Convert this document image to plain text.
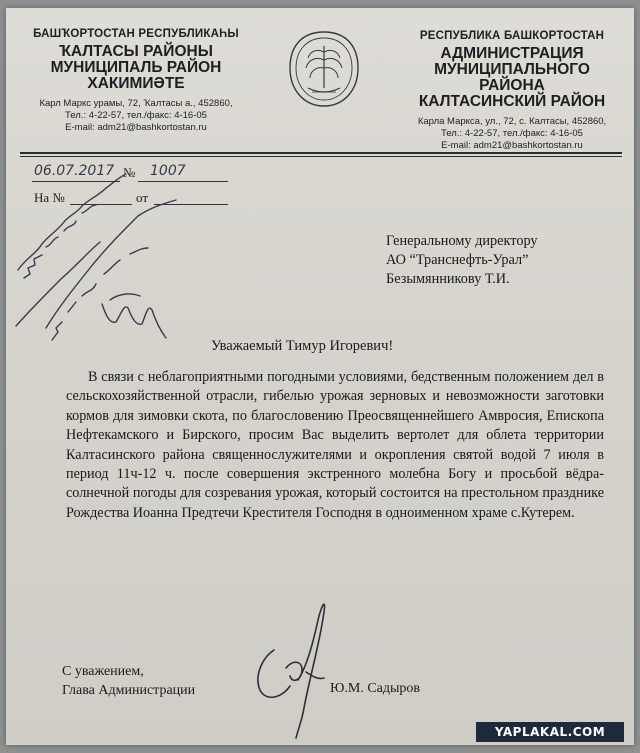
БАШҠОРТОСТАН РЕСПУБЛИКАҺЫ
ҠАЛТАСЫ РАЙОНЫ
МУНИЦИПАЛЬ РАЙОН
ХАКИМИӘТЕ
Карл Маркс урамы, 72, Ҡалтасы а., 452860,
Тел.: 4-22-57, тел./факс: 4-16-05
E-mail: adm21@bashkortostan.ru
РЕСПУБЛИКА БАШКОРТОСТАН
АДМИНИСТРАЦИЯ
МУНИЦИПАЛЬНОГО РАЙОНА
КАЛТАСИНСКИЙ РАЙОН
Карла Маркса, ул., 72, с. Калтасы, 452860,
Тел.: 4-22-57, тел./факс: 4-16-05
E-mail: adm21@bashkortostan.ru
06.07.2017 № 1007
На №	от
Генеральному директору
АО “Транснефть-Урал”
Безымянникову Т.И.
Уважаемый Тимур Игоревич!
В связи с неблагоприятными погодными условиями, бедственным положением дел в сельскохозяйственной отрасли, гибелью урожая зерновых и невозможности заготовки кормов для зимовки скота, по благословению Преосвященнейшего Амвросия, Епископа Нефтекамского и Бирского, просим Вас выделить вертолет для облета территории Калтасинского района священнослужителями и окропления святой водой 7 июля в период 11ч-12 ч. после совершения экстренного молебна Богу и просьбой вёдра-солнечной погоды для созревания урожая, который состоится на престольном празднике Рождества Иоанна Предтечи Крестителя Господня в одноименном храме с.Кутерем.
С уважением,
Глава Администрации	Ю.М. Садыров
YAPLAKAL.COM
